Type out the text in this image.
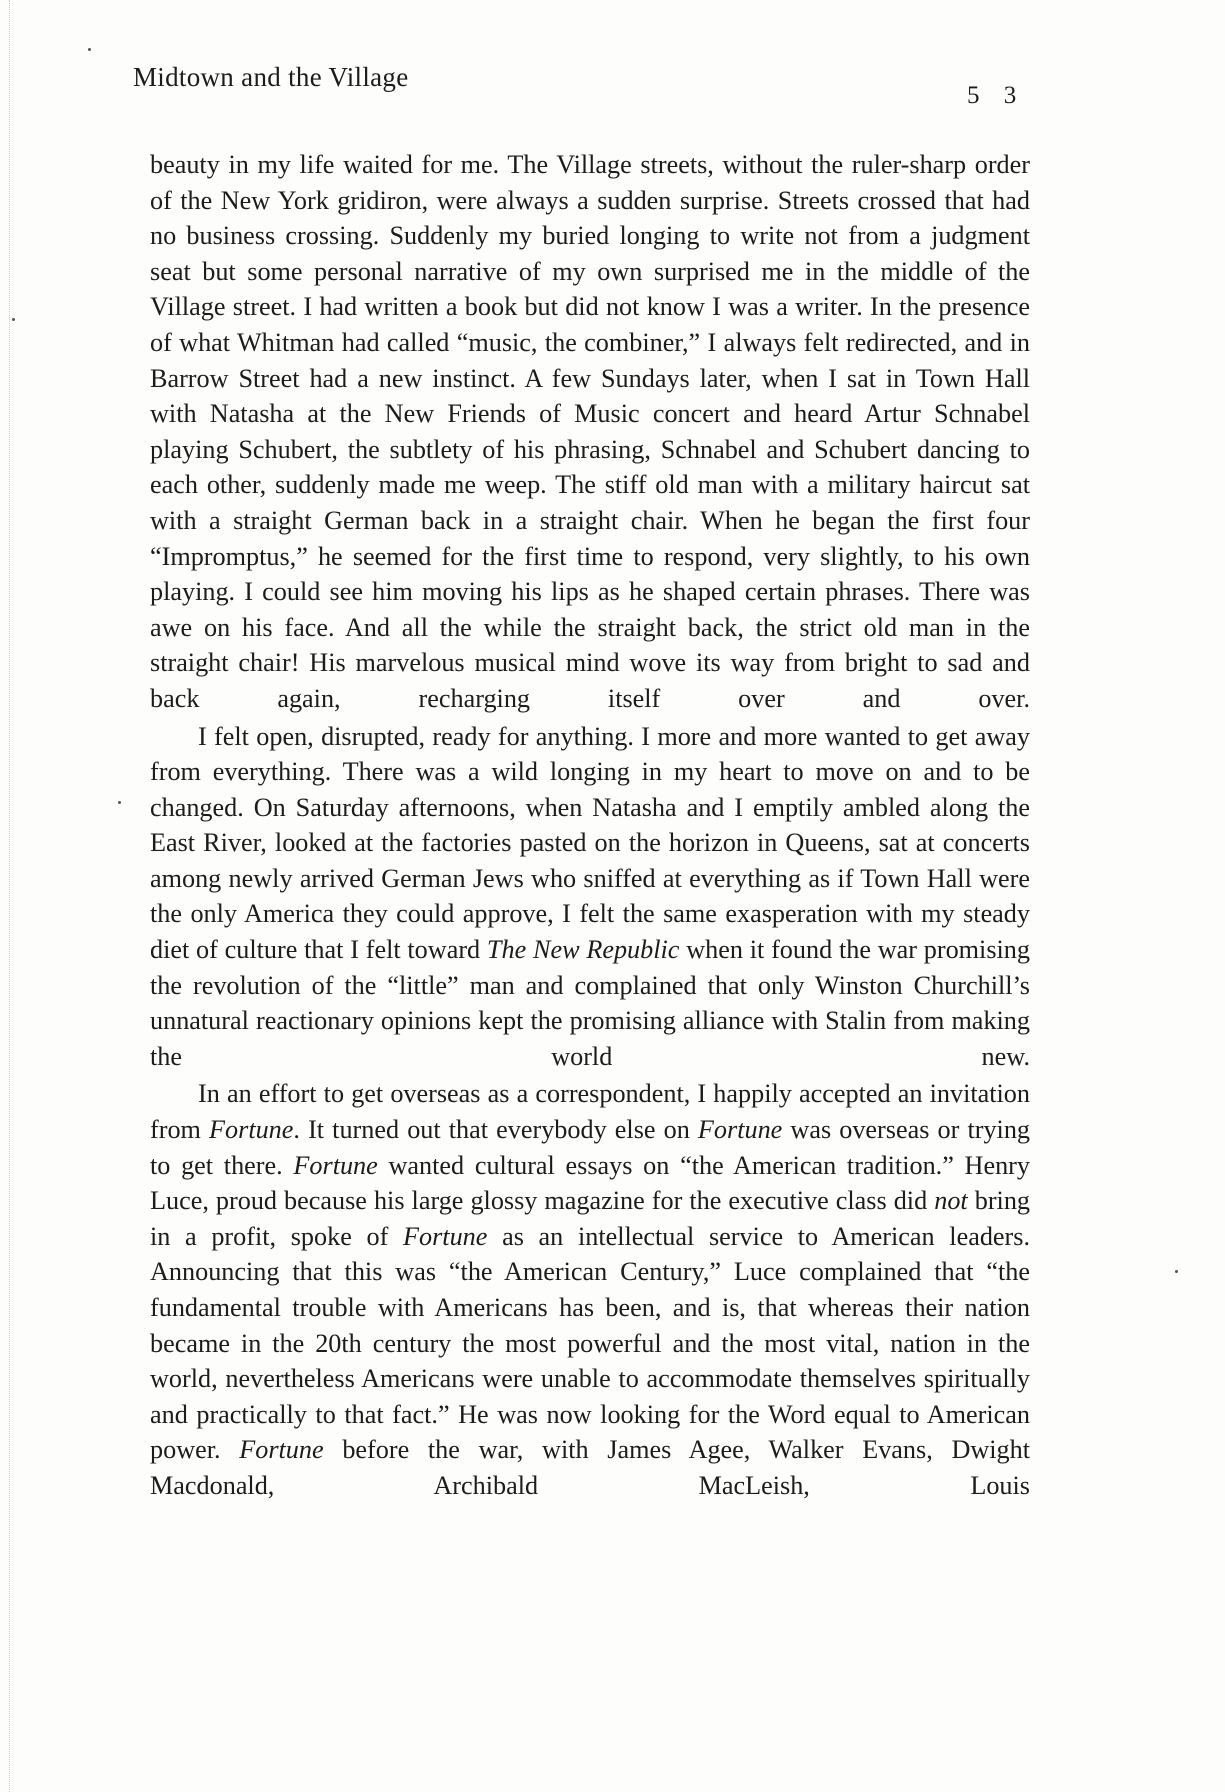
Midtown and the Village
5 3

beauty in my life waited for me. The Village streets, without the ruler-sharp order of the New York gridiron, were always a sudden surprise. Streets crossed that had no business crossing. Suddenly my buried longing to write not from a judgment seat but some personal narrative of my own surprised me in the middle of the Village street. I had written a book but did not know I was a writer. In the presence of what Whitman had called “music, the combiner,” I always felt redirected, and in Barrow Street had a new instinct. A few Sundays later, when I sat in Town Hall with Natasha at the New Friends of Music concert and heard Artur Schnabel playing Schubert, the subtlety of his phrasing, Schnabel and Schubert dancing to each other, suddenly made me weep. The stiff old man with a military haircut sat with a straight German back in a straight chair. When he began the first four “Impromptus,” he seemed for the first time to respond, very slightly, to his own playing. I could see him moving his lips as he shaped certain phrases. There was awe on his face. And all the while the straight back, the strict old man in the straight chair! His marvelous musical mind wove its way from bright to sad and back again, recharging itself over and over.

I felt open, disrupted, ready for anything. I more and more wanted to get away from everything. There was a wild longing in my heart to move on and to be changed. On Saturday afternoons, when Natasha and I emptily ambled along the East River, looked at the factories pasted on the horizon in Queens, sat at concerts among newly arrived German Jews who sniffed at everything as if Town Hall were the only America they could approve, I felt the same exasperation with my steady diet of culture that I felt toward The New Republic when it found the war promising the revolution of the “little” man and complained that only Winston Churchill’s unnatural reactionary opinions kept the promising alliance with Stalin from making the world new.

In an effort to get overseas as a correspondent, I happily accepted an invitation from Fortune. It turned out that everybody else on Fortune was overseas or trying to get there. Fortune wanted cultural essays on “the American tradition.” Henry Luce, proud because his large glossy magazine for the executive class did not bring in a profit, spoke of Fortune as an intellectual service to American leaders. Announcing that this was “the American Century,” Luce complained that “the fundamental trouble with Americans has been, and is, that whereas their nation became in the 20th century the most powerful and the most vital, nation in the world, nevertheless Americans were unable to accommodate themselves spiritually and practically to that fact.” He was now looking for the Word equal to American power. Fortune before the war, with James Agee, Walker Evans, Dwight Macdonald, Archibald MacLeish, Louis
